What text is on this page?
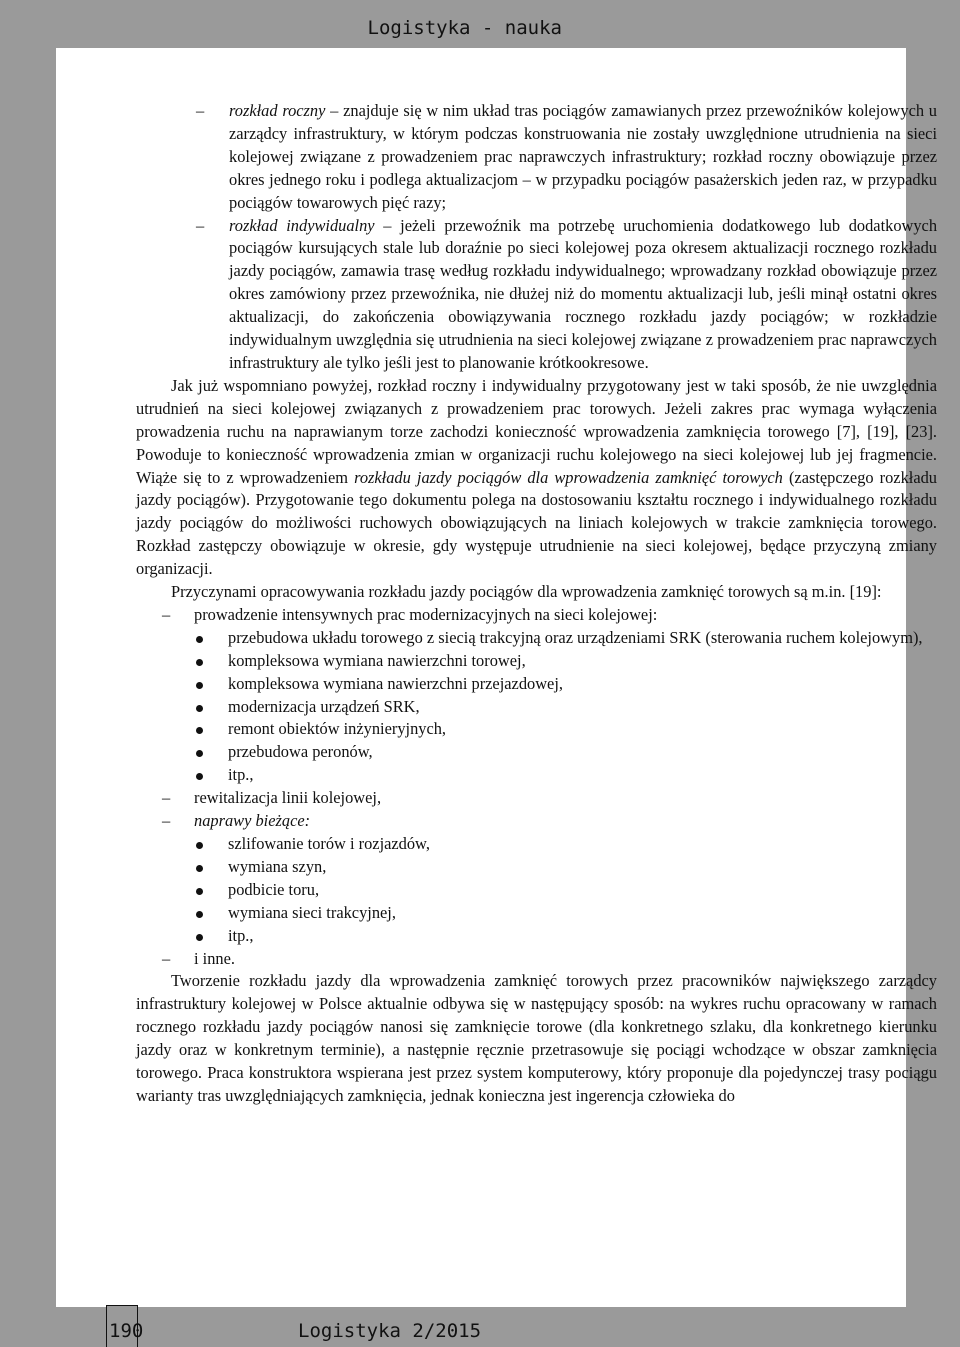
Logistyka - nauka
– rozkład roczny – znajduje się w nim układ tras pociągów zamawianych przez przewoźników kolejowych u zarządcy infrastruktury, w którym podczas konstruowania nie zostały uwzględnione utrudnienia na sieci kolejowej związane z prowadzeniem prac naprawczych infrastruktury; rozkład roczny obowiązuje przez okres jednego roku i podlega aktualizacjom – w przypadku pociągów pasażerskich jeden raz, w przypadku pociągów towarowych pięć razy;
– rozkład indywidualny – jeżeli przewoźnik ma potrzebę uruchomienia dodatkowego lub dodatkowych pociągów kursujących stale lub doraźnie po sieci kolejowej poza okresem aktualizacji rocznego rozkładu jazdy pociągów, zamawia trasę według rozkładu indywidualnego; wprowadzany rozkład obowiązuje przez okres zamówiony przez przewoźnika, nie dłużej niż do momentu aktualizacji lub, jeśli minął ostatni okres aktualizacji, do zakończenia obowiązywania rocznego rozkładu jazdy pociągów; w rozkładzie indywidualnym uwzględnia się utrudnienia na sieci kolejowej związane z prowadzeniem prac naprawczych infrastruktury ale tylko jeśli jest to planowanie krótkookresowe.

Jak już wspomniano powyżej, rozkład roczny i indywidualny przygotowany jest w taki sposób, że nie uwzględnia utrudnień na sieci kolejowej związanych z prowadzeniem prac torowych. Jeżeli zakres prac wymaga wyłączenia prowadzenia ruchu na naprawianym torze zachodzi konieczność wprowadzenia zamknięcia torowego [7], [19], [23]. Powoduje to konieczność wprowadzenia zmian w organizacji ruchu kolejowego na sieci kolejowej lub jej fragmencie. Wiąże się to z wprowadzeniem rozkładu jazdy pociągów dla wprowadzenia zamknięć torowych (zastępczego rozkładu jazdy pociągów). Przygotowanie tego dokumentu polega na dostosowaniu kształtu rocznego i indywidualnego rozkładu jazdy pociągów do możliwości ruchowych obowiązujących na liniach kolejowych w trakcie zamknięcia torowego. Rozkład zastępczy obowiązuje w okresie, gdy występuje utrudnienie na sieci kolejowej, będące przyczyną zmiany organizacji.

Przyczynami opracowywania rozkładu jazdy pociągów dla wprowadzenia zamknięć torowych są m.in. [19]:

– prowadzenie intensywnych prac modernizacyjnych na sieci kolejowej:
przebudowa układu torowego z siecią trakcyjną oraz urządzeniami SRK (sterowania ruchem kolejowym),
kompleksowa wymiana nawierzchni torowej,
kompleksowa wymiana nawierzchni przejazdowej,
modernizacja urządzeń SRK,
remont obiektów inżynieryjnych,
przebudowa peronów,
itp.,
– rewitalizacja linii kolejowej,
– naprawy bieżące:
szlifowanie torów i rozjazdów,
wymiana szyn,
podbicie toru,
wymiana sieci trakcyjnej,
itp.,
– i inne.

Tworzenie rozkładu jazdy dla wprowadzenia zamknięć torowych przez pracowników największego zarządcy infrastruktury kolejowej w Polsce aktualnie odbywa się w następujący sposób: na wykres ruchu opracowany w ramach rocznego rozkładu jazdy pociągów nanosi się zamknięcie torowe (dla konkretnego szlaku, dla konkretnego kierunku jazdy oraz w konkretnym terminie), a następnie ręcznie przetrasowuje się pociągi wchodzące w obszar zamknięcia torowego. Praca konstruktora wspierana jest przez system komputerowy, który proponuje dla pojedynczej trasy pociągu warianty tras uwzględniających zamknięcia, jednak konieczna jest ingerencja człowieka do

190	Logistyka 2/2015
